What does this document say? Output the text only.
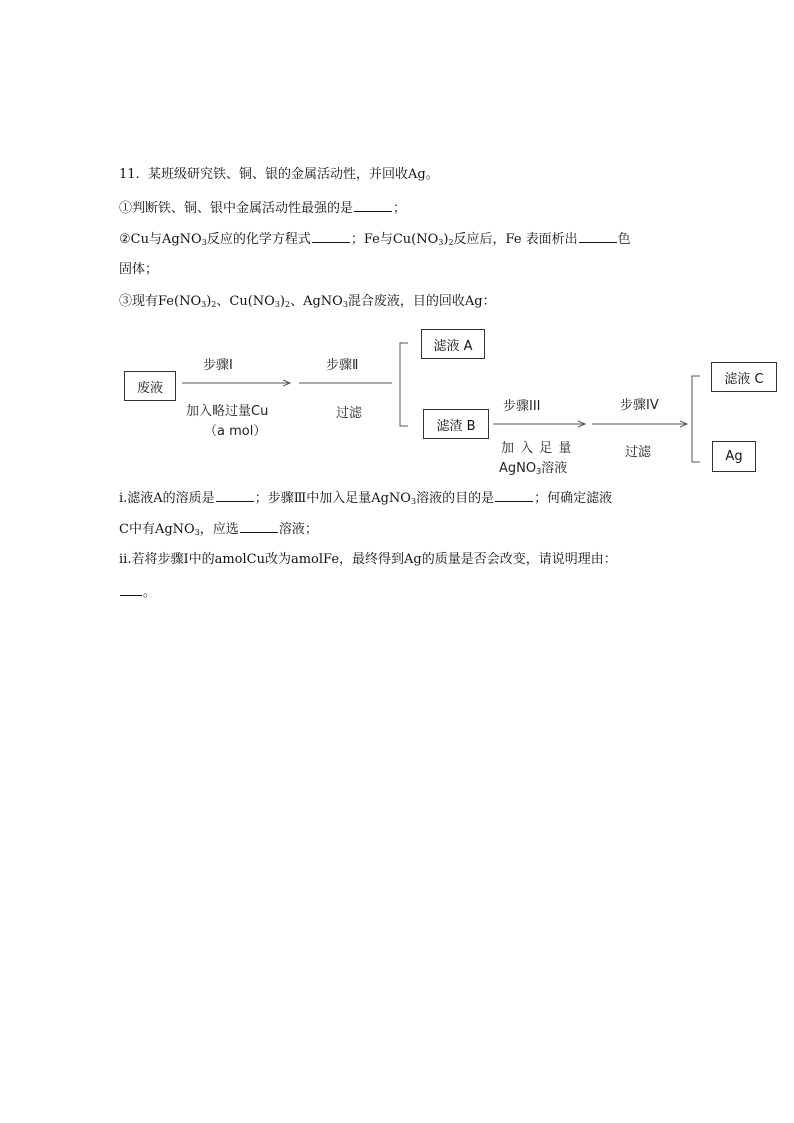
11. 某班级研究铁、铜、银的金属活动性，并回收Ag。
①判断铁、铜、银中金属活动性最强的是	；
②Cu与AgNO$_3$反应的化学方程式	；Fe与$Cu(NO_3)_2$反应后，Fe 表面析出	色
固体；
③现有$Fe(NO_3)_2$、$Cu(NO_3)_2$、AgNO$_3$混合废液，目的回收Ag：
废液
步骤Ⅰ
加入略过量Cu
（a mol）
步骤Ⅱ
过滤
滤液 A
滤渣 B
步骤III
加 入 足 量
AgNO$_3$溶液
步骤IV
过滤
滤液 C
Ag
ⅰ.滤液A的溶质是	；步骤Ⅲ中加入足量AgNO$_3$溶液的目的是	；何确定滤液
C中有AgNO$_3$，应选	溶液；
ⅱ.若将步骤Ⅰ中的amolCu改为amolFe，最终得到Ag的质量是否会改变，请说明理由：
。
